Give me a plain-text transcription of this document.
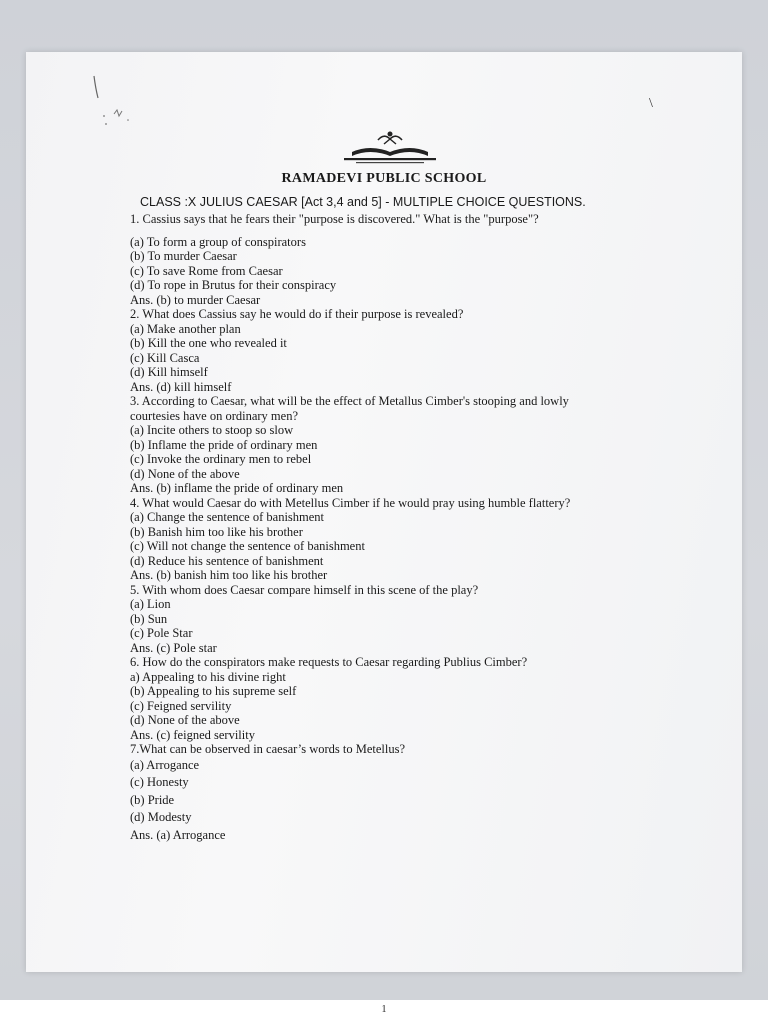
\
RAMADEVI PUBLIC SCHOOL
CLASS :X JULIUS CAESAR [Act 3,4 and 5] - MULTIPLE CHOICE QUESTIONS.
1. Cassius says that he fears their "purpose is discovered." What is the "purpose"?
(a) To form a group of conspirators
(b) To murder Caesar
(c) To save Rome from Caesar
(d) To rope in Brutus for their conspiracy
Ans. (b) to murder Caesar
2. What does Cassius say he would do if their purpose is revealed?
(a) Make another plan
(b) Kill the one who revealed it
(c) Kill Casca
(d) Kill himself
Ans. (d) kill himself
3. According to Caesar, what will be the effect of Metallus Cimber's stooping and lowly
courtesies have on ordinary men?
(a) Incite others to stoop so slow
(b) Inflame the pride of ordinary men
(c) Invoke the ordinary men to rebel
(d) None of the above
Ans. (b) inflame the pride of ordinary men
4. What would Caesar do with Metellus Cimber if he would pray using humble flattery?
(a) Change the sentence of banishment
(b) Banish him too like his brother
(c) Will not change the sentence of banishment
(d) Reduce his sentence of banishment
Ans. (b) banish him too like his brother
5. With whom does Caesar compare himself in this scene of the play?
(a) Lion
(b) Sun
(c) Pole Star
Ans. (c) Pole star
6. How do the conspirators make requests to Caesar regarding Publius Cimber?
a) Appealing to his divine right
(b) Appealing to his supreme self
(c) Feigned servility
(d) None of the above
Ans. (c) feigned servility
7.What can be observed in caesar’s words to Metellus?
(a) Arrogance
(c) Honesty
(b) Pride
(d) Modesty
Ans. (a) Arrogance
1
